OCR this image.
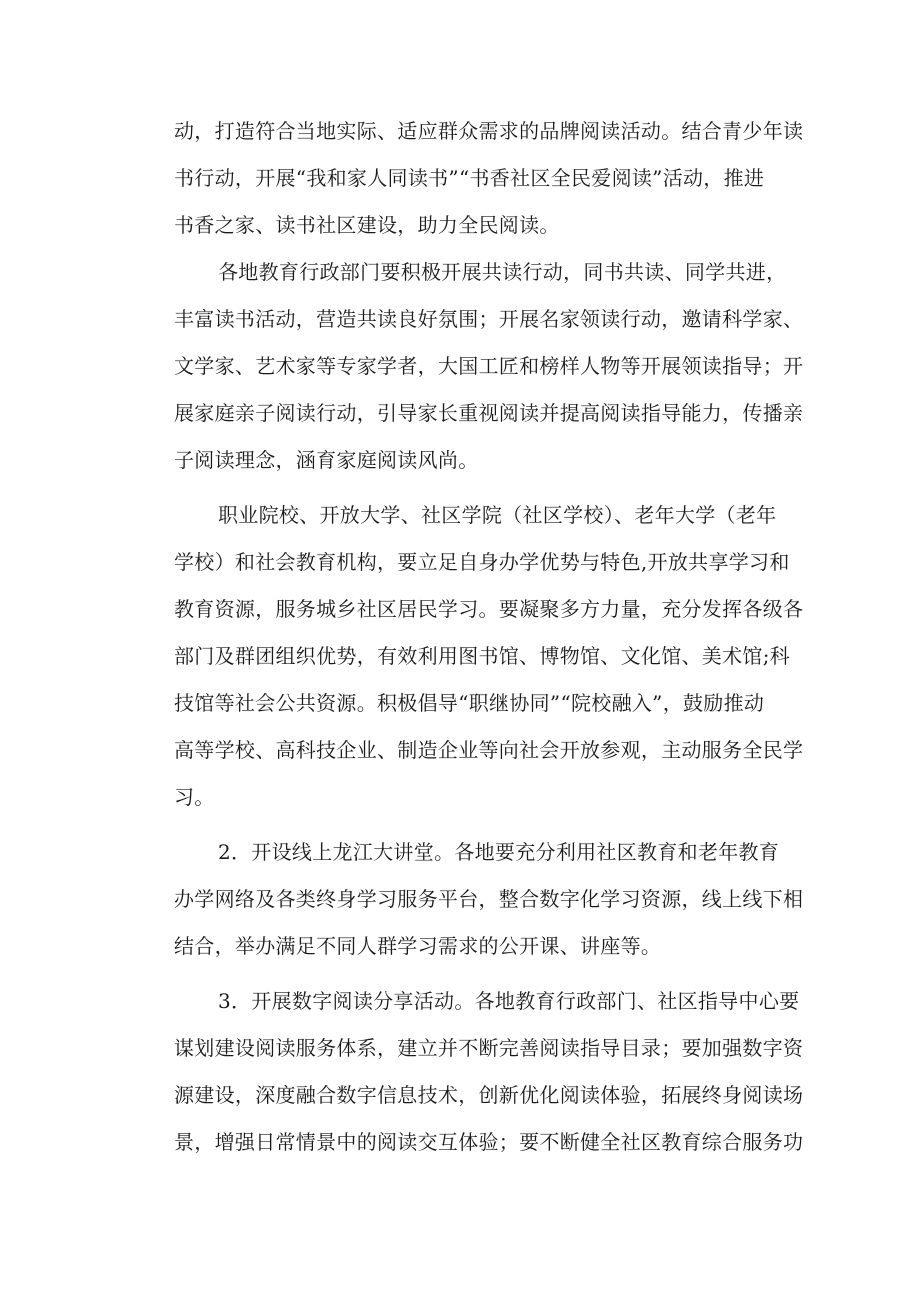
动，打造符合当地实际、适应群众需求的品牌阅读活动。结合青少年读
书行动，开展“我和家人同读书”“书香社区全民爱阅读”活动，推进
书香之家、读书社区建设，助力全民阅读。
各地教育行政部门要积极开展共读行动，同书共读、同学共进，
丰富读书活动，营造共读良好氛围；开展名家领读行动，邀请科学家、
文学家、艺术家等专家学者，大国工匠和榜样人物等开展领读指导；开
展家庭亲子阅读行动，引导家长重视阅读并提高阅读指导能力，传播亲
子阅读理念，涵育家庭阅读风尚。
职业院校、开放大学、社区学院（社区学校）、老年大学（老年
学校）和社会教育机构，要立足自身办学优势与特色,开放共享学习和
教育资源，服务城乡社区居民学习。要凝聚多方力量，充分发挥各级各
部门及群团组织优势，有效利用图书馆、博物馆、文化馆、美术馆;科
技馆等社会公共资源。积极倡导“职继协同”“院校融入”，鼓励推动
高等学校、高科技企业、制造企业等向社会开放参观，主动服务全民学
习。
2．开设线上龙江大讲堂。各地要充分利用社区教育和老年教育
办学网络及各类终身学习服务平台，整合数字化学习资源，线上线下相
结合，举办满足不同人群学习需求的公开课、讲座等。
3．开展数字阅读分享活动。各地教育行政部门、社区指导中心要
谋划建设阅读服务体系，建立并不断完善阅读指导目录；要加强数字资
源建设，深度融合数字信息技术，创新优化阅读体验，拓展终身阅读场
景，增强日常情景中的阅读交互体验；要不断健全社区教育综合服务功
